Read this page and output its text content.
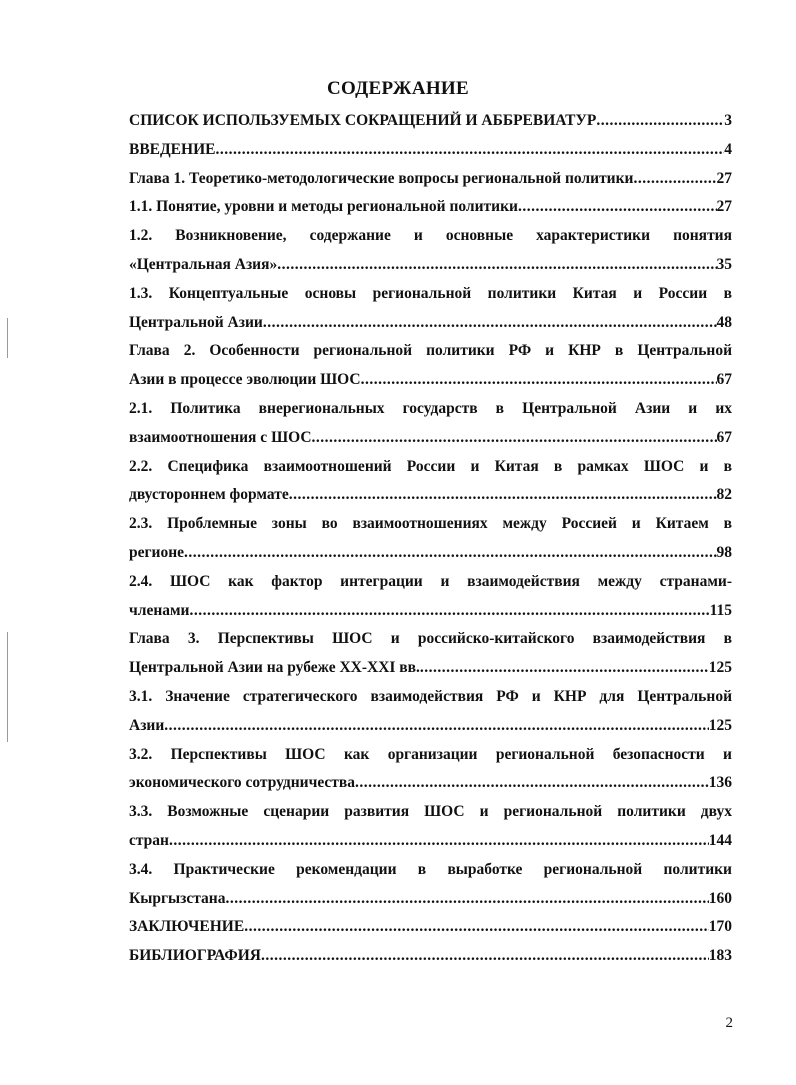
СОДЕРЖАНИЕ
СПИСОК ИСПОЛЬЗУЕМЫХ СОКРАЩЕНИЙ И АББРЕВИАТУР .....	3
ВВЕДЕНИЕ .....	4
Глава 1. Теоретико-методологические вопросы региональной политики .....	27
1.1. Понятие, уровни и методы региональной политики .....	27
1.2. Возникновение, содержание и основные характеристики понятия
«Центральная Азия» .....	35
1.3. Концептуальные основы региональной политики Китая и России в
Центральной Азии .....	48
Глава 2. Особенности региональной политики РФ и КНР в Центральной
Азии в процессе эволюции ШОС .....	67
2.1. Политика внерегиональных государств в Центральной Азии и их
взаимоотношения с ШОС .....	67
2.2. Специфика взаимоотношений России и Китая в рамках ШОС и в
двустороннем формате .....	82
2.3. Проблемные зоны во взаимоотношениях между Россией и Китаем в
регионе .....	98
2.4. ШОС как фактор интеграции и взаимодействия между странами-
членами .....	115
Глава 3. Перспективы ШОС и российско-китайского взаимодействия в
Центральной Азии на рубеже XX-XXI вв. .....	125
3.1. Значение стратегического взаимодействия РФ и КНР для Центральной
Азии .....	125
3.2. Перспективы ШОС как организации региональной безопасности и
экономического сотрудничества .....	136
3.3. Возможные сценарии развития ШОС и региональной политики двух
стран .....	144
3.4. Практические рекомендации в выработке региональной политики
Кыргызстана .....	160
ЗАКЛЮЧЕНИЕ .....	170
БИБЛИОГРАФИЯ .....	183
2
